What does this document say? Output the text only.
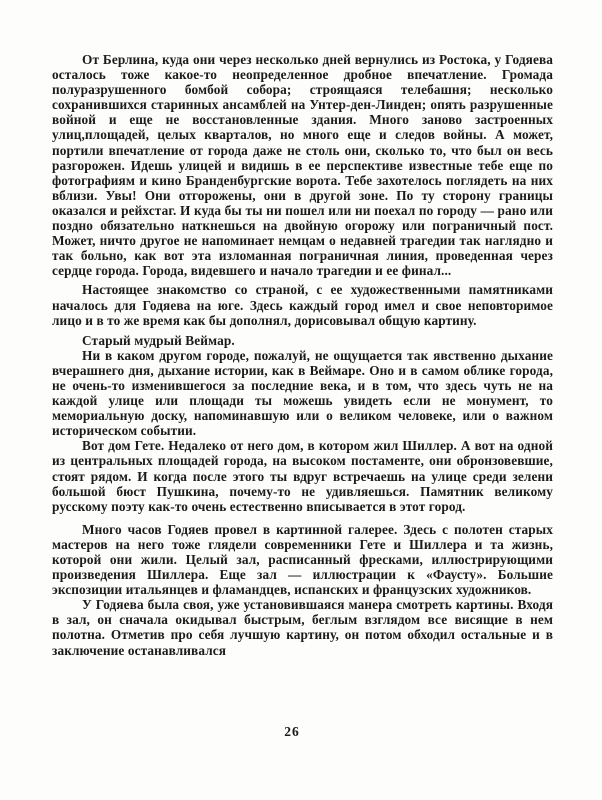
От Берлина, куда они через несколько дней вернулись из Ростока, у Годяева осталось тоже какое-то неопределенное дробное впечатление. Громада полуразрушенного бомбой собора; строящаяся телебашня; несколько сохранившихся старинных ансамблей на Унтер-ден-Линден; опять разрушенные войной и еще не восстановленные здания. Много заново застроенных улиц,площадей, целых кварталов, но много еще и следов войны. А может, портили впечатление от города даже не столь они, сколько то, что был он весь разгорожен. Идешь улицей и видишь в ее перспективе известные тебе еще по фотографиям и кино Бранденбургские ворота. Тебе захотелось поглядеть на них вблизи. Увы! Они отгорожены, они в другой зоне. По ту сторону границы оказался и рейхстаг. И куда бы ты ни пошел или ни поехал по городу — рано или поздно обязательно наткнешься на двойную огорожу или пограничный пост. Может, ничто другое не напоминает немцам о недавней трагедии так наглядно и так больно, как вот эта изломанная пограничная линия, проведенная через сердце города. Города, видевшего и начало трагедии и ее финал...

Настоящее знакомство со страной, с ее художественными памятниками началось для Годяева на юге. Здесь каждый город имел и свое неповторимое лицо и в то же время как бы дополнял, дорисовывал общую картину.

Старый мудрый Веймар.

Ни в каком другом городе, пожалуй, не ощущается так явственно дыхание вчерашнего дня, дыхание истории, как в Веймаре. Оно и в самом облике города, не очень-то изменившегося за последние века, и в том, что здесь чуть не на каждой улице или площади ты можешь увидеть если не монумент, то мемориальную доску, напоминавшую или о великом человеке, или о важном историческом событии.

Вот дом Гете. Недалеко от него дом, в котором жил Шиллер. А вот на одной из центральных площадей города, на высоком постаменте, они обронзовевшие, стоят рядом. И когда после этого ты вдруг встречаешь на улице среди зелени большой бюст Пушкина, почему-то не удивляешься. Памятник великому русскому поэту как-то очень естественно вписывается в этот город.

Много часов Годяев провел в картинной галерее. Здесь с полотен старых мастеров на него тоже глядели современники Гете и Шиллера и та жизнь, которой они жили. Целый зал, расписанный фресками, иллюстрирующими произведения Шиллера. Еще зал — иллюстрации к «Фаусту». Большие экспозиции итальянцев и фламандцев, испанских и французских художников.

У Годяева была своя, уже установившаяся манера смотреть картины. Входя в зал, он сначала окидывал быстрым, беглым взглядом все висящие в нем полотна. Отметив про себя лучшую картину, он потом обходил остальные и в заключение останавливался

26
